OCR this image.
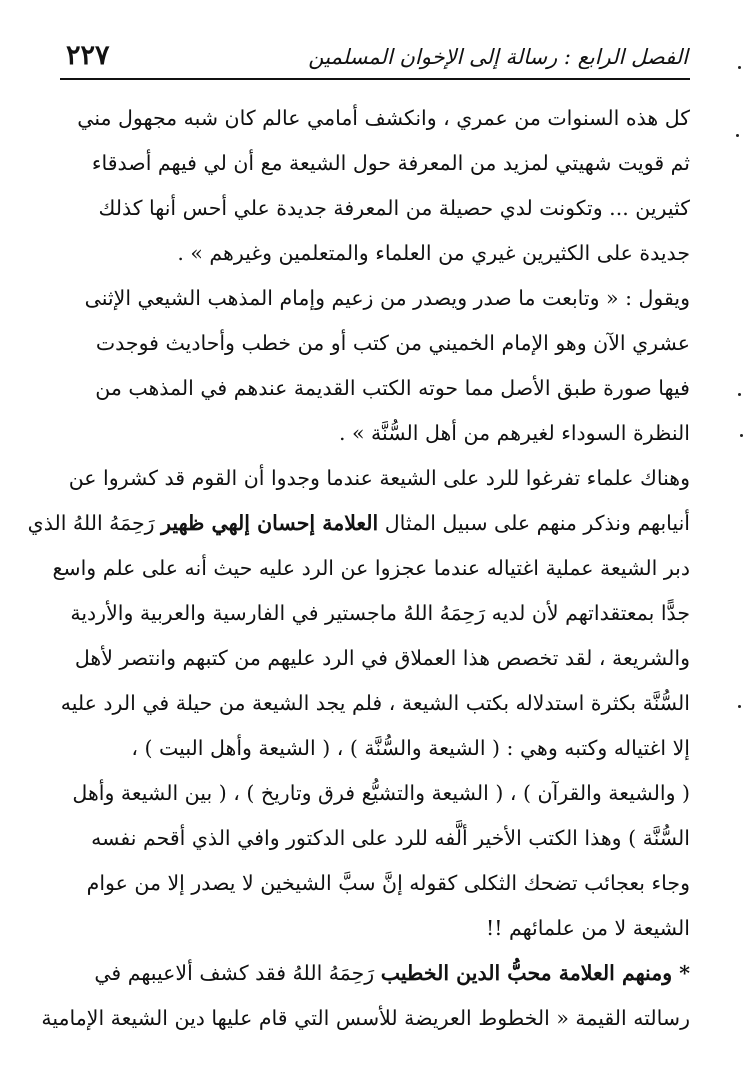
٢٢٧	الفصل الرابع : رسالة إلى الإخوان المسلمين
كل هذه السنوات من عمري ، وانكشف أمامي عالم كان شبه مجهول مني
ثم قويت شهيتي لمزيد من المعرفة حول الشيعة مع أن لي فيهم أصدقاء
كثيرين ... وتكونت لدي حصيلة من المعرفة جديدة علي أحس أنها كذلك
جديدة على الكثيرين غيري من العلماء والمتعلمين وغيرهم » .
ويقول : « وتابعت ما صدر ويصدر من زعيم وإمام المذهب الشيعي الإثنى
عشري الآن وهو الإمام الخميني من كتب أو من خطب وأحاديث فوجدت
فيها صورة طبق الأصل مما حوته الكتب القديمة عندهم في المذهب من
النظرة السوداء لغيرهم من أهل السُّنَّة » .
وهناك علماء تفرغوا للرد على الشيعة عندما وجدوا أن القوم قد كشروا عن
أنيابهم ونذكر منهم على سبيل المثال العلامة إحسان إلهي ظهير رَحِمَهُ اللهُ الذي
دبر الشيعة عملية اغتياله عندما عجزوا عن الرد عليه حيث أنه على علم واسع
جدًّا بمعتقداتهم لأن لديه رَحِمَهُ اللهُ ماجستير في الفارسية والعربية والأردية
والشريعة ، لقد تخصص هذا العملاق في الرد عليهم من كتبهم وانتصر لأهل
السُّنَّة بكثرة استدلاله بكتب الشيعة ، فلم يجد الشيعة من حيلة في الرد عليه
إلا اغتياله وكتبه وهي : ( الشيعة والسُّنَّة ) ، ( الشيعة وأهل البيت ) ،
( والشيعة والقرآن ) ، ( الشيعة والتشيُّع فرق وتاريخ ) ، ( بين الشيعة وأهل
السُّنَّة ) وهذا الكتب الأخير ألَّفه للرد على الدكتور وافي الذي أقحم نفسه
وجاء بعجائب تضحك الثكلى كقوله إنَّ سبَّ الشيخين لا يصدر إلا من عوام
الشيعة لا من علمائهم !!
* ومنهم العلامة محبُّ الدين الخطيب رَحِمَهُ اللهُ فقد كشف ألاعيبهم في
رسالته القيمة « الخطوط العريضة للأسس التي قام عليها دين الشيعة الإمامية
